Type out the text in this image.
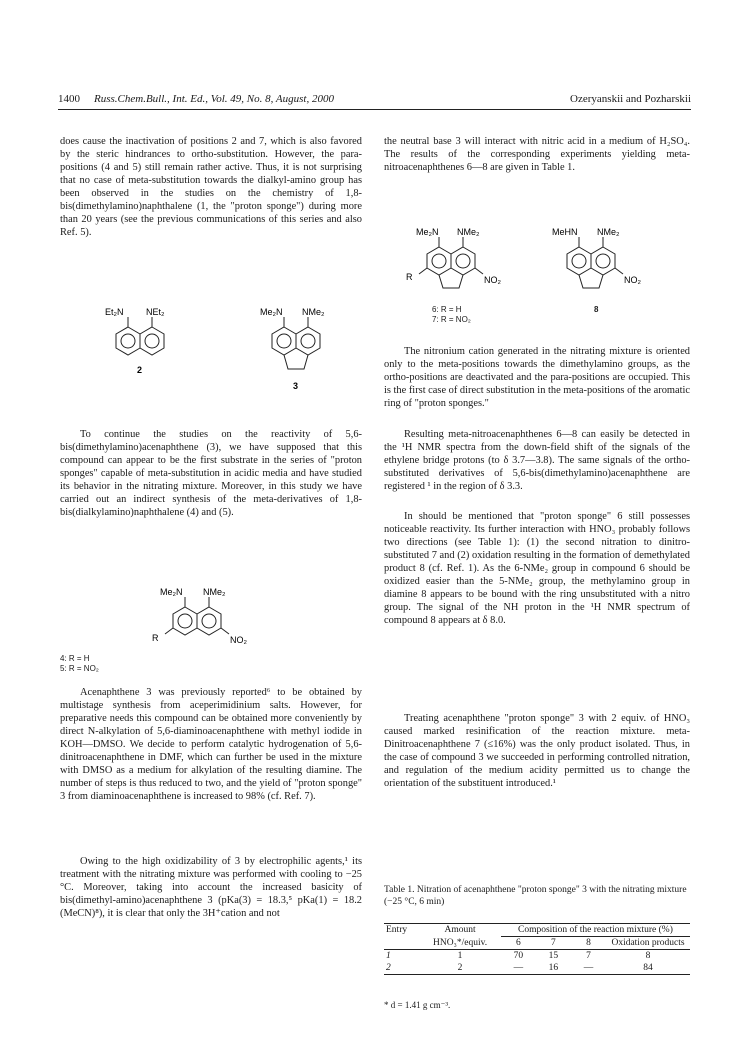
1400 Russ.Chem.Bull., Int. Ed., Vol. 49, No. 8, August, 2000	Ozeryanskii and Pozharskii

does cause the inactivation of positions 2 and 7, which is also favored by the steric hindrances to ortho-substitution. However, the para-positions (4 and 5) still remain rather active. Thus, it is not surprising that no case of meta-substitution towards the dialkyl-amino group has been observed in the studies on the chemistry of 1,8-bis(dimethylamino)naphthalene (1, the "proton sponge") during more than 20 years (see the previous communications of this series and also Ref. 5).

Et₂N	NEt₂
2
Me₂N NMe₂
3

To continue the studies on the reactivity of 5,6-bis(dimethylamino)acenaphthene (3), we have supposed that this compound can appear to be the first substrate in the series of "proton sponges" capable of meta-substitution in acidic media and have studied its behavior in the nitrating mixture. Moreover, in this study we have carried out an indirect synthesis of the meta-derivatives of 1,8-bis(dialkylamino)naphthalene (4) and (5).

Me₂N NMe₂
R	NO₂
4: R = H
5: R = NO₂

Acenaphthene 3 was previously reported⁶ to be obtained by multistage synthesis from aceperimidinium salts. However, for preparative needs this compound can be obtained more conveniently by direct N-alkylation of 5,6-diaminoacenaphthene with methyl iodide in KOH—DMSO. We decide to perform catalytic hydrogenation of 5,6-dinitroacenaphthene in DMF, which can further be used in the mixture with DMSO as a medium for alkylation of the resulting diamine. The number of steps is thus reduced to two, and the yield of "proton sponge" 3 from diaminoacenaphthene is increased to 98% (cf. Ref. 7).

Owing to the high oxidizability of 3 by electrophilic agents,¹ its treatment with the nitrating mixture was performed with cooling to −25 °C. Moreover, taking into account the increased basicity of bis(dimethyl-amino)acenaphthene 3 (pKa(3) = 18.3,⁵ pKa(1) = 18.2 (MeCN)⁸), it is clear that only the 3H⁺cation and not

the neutral base 3 will interact with nitric acid in a medium of H₂SO₄. The results of the corresponding experiments yielding meta-nitroacenaphthenes 6—8 are given in Table 1.

Me₂N NMe₂
R	NO₂
MeHN NMe₂
NO₂
6: R = H
7: R = NO₂
8

The nitronium cation generated in the nitrating mixture is oriented only to the meta-positions towards the dimethylamino groups, as the ortho-positions are deactivated and the para-positions are occupied. This is the first case of direct substitution in the meta-positions of the aromatic ring of "proton sponges."

Resulting meta-nitroacenaphthenes 6—8 can easily be detected in the ¹H NMR spectra from the down-field shift of the signals of the ethylene bridge protons (to δ 3.7—3.8). The same signals of the ortho-substituted derivatives of 5,6-bis(dimethylamino)acenaphthene are registered ¹ in the region of δ 3.3.

In should be mentioned that "proton sponge" 6 still possesses noticeable reactivity. Its further interaction with HNO₃ probably follows two directions (see Table 1): (1) the second nitration to dinitro-substituted 7 and (2) oxidation resulting in the formation of demethylated product 8 (cf. Ref. 1). As the 6-NMe₂ group in compound 6 should be oxidized easier than the 5-NMe₂ group, the methylamino group in diamine 8 appears to be bound with the ring unsubstituted with a nitro group. The signal of the NH proton in the ¹H NMR spectrum of compound 8 appears at δ 8.0.

Treating acenaphthene "proton sponge" 3 with 2 equiv. of HNO₃ caused marked resinification of the reaction mixture. meta-Dinitroacenaphthene 7 (≤16%) was the only product isolated. Thus, in the case of compound 3 we succeeded in performing controlled nitration, and regulation of the medium acidity permitted us to change the orientation of the substituent introduced.¹

Table 1. Nitration of acenaphthene "proton sponge" 3 with the nitrating mixture (−25 °C, 6 min)
Entry	Amount	Composition of the reaction mixture (%)			
	HNO₃*/equiv.	6	7	8	Oxidation products
1	1	70	15	7	8
2	2	—	16	—	84
* d = 1.41 g cm⁻³.
